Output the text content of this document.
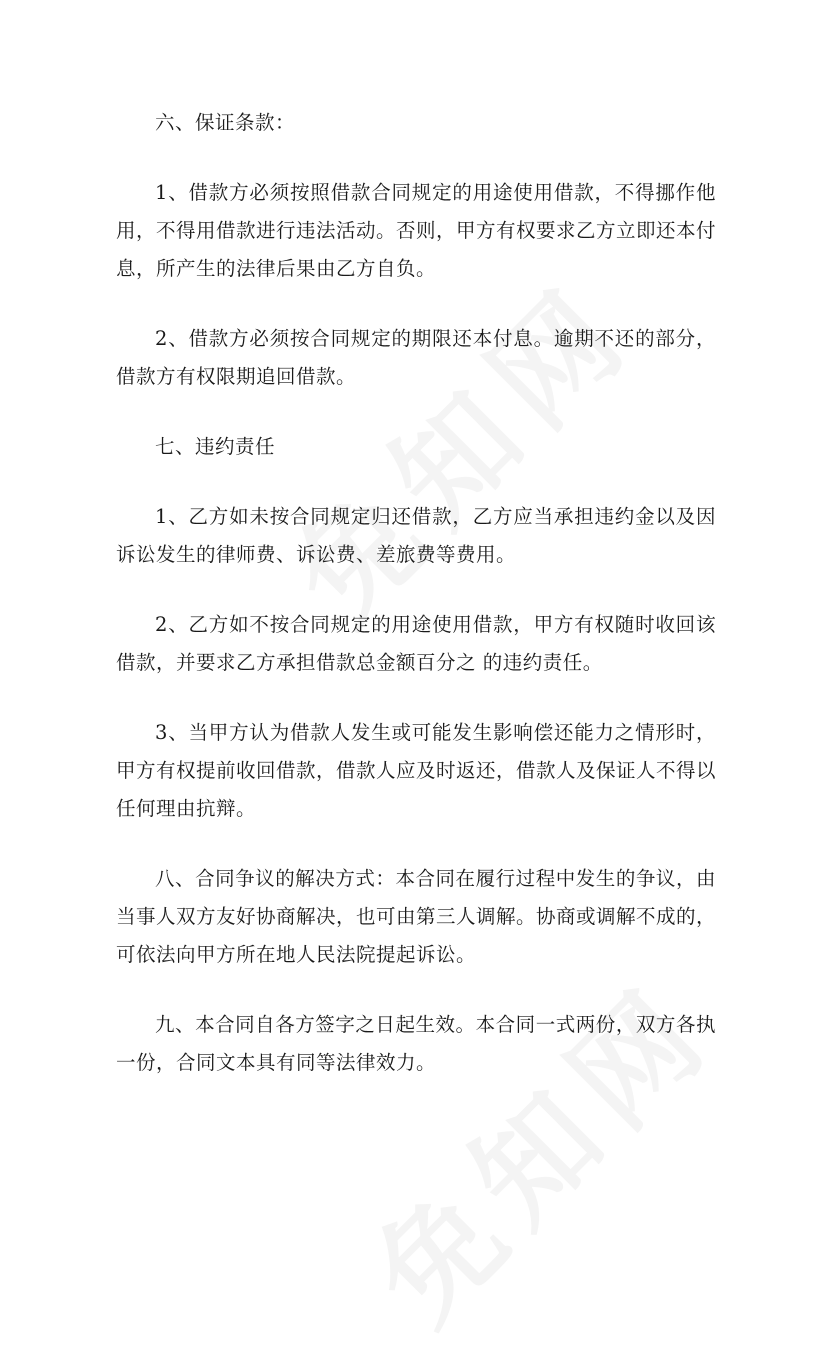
六、保证条款：

1、借款方必须按照借款合同规定的用途使用借款，不得挪作他用，不得用借款进行违法活动。否则，甲方有权要求乙方立即还本付息，所产生的法律后果由乙方自负。

2、借款方必须按合同规定的期限还本付息。逾期不还的部分，借款方有权限期追回借款。

七、违约责任

1、乙方如未按合同规定归还借款，乙方应当承担违约金以及因诉讼发生的律师费、诉讼费、差旅费等费用。

2、乙方如不按合同规定的用途使用借款，甲方有权随时收回该借款，并要求乙方承担借款总金额百分之 的违约责任。

3、当甲方认为借款人发生或可能发生影响偿还能力之情形时，甲方有权提前收回借款，借款人应及时返还，借款人及保证人不得以任何理由抗辩。

八、合同争议的解决方式：本合同在履行过程中发生的争议，由当事人双方友好协商解决，也可由第三人调解。协商或调解不成的，可依法向甲方所在地人民法院提起诉讼。

九、本合同自各方签字之日起生效。本合同一式两份，双方各执一份，合同文本具有同等法律效力。
